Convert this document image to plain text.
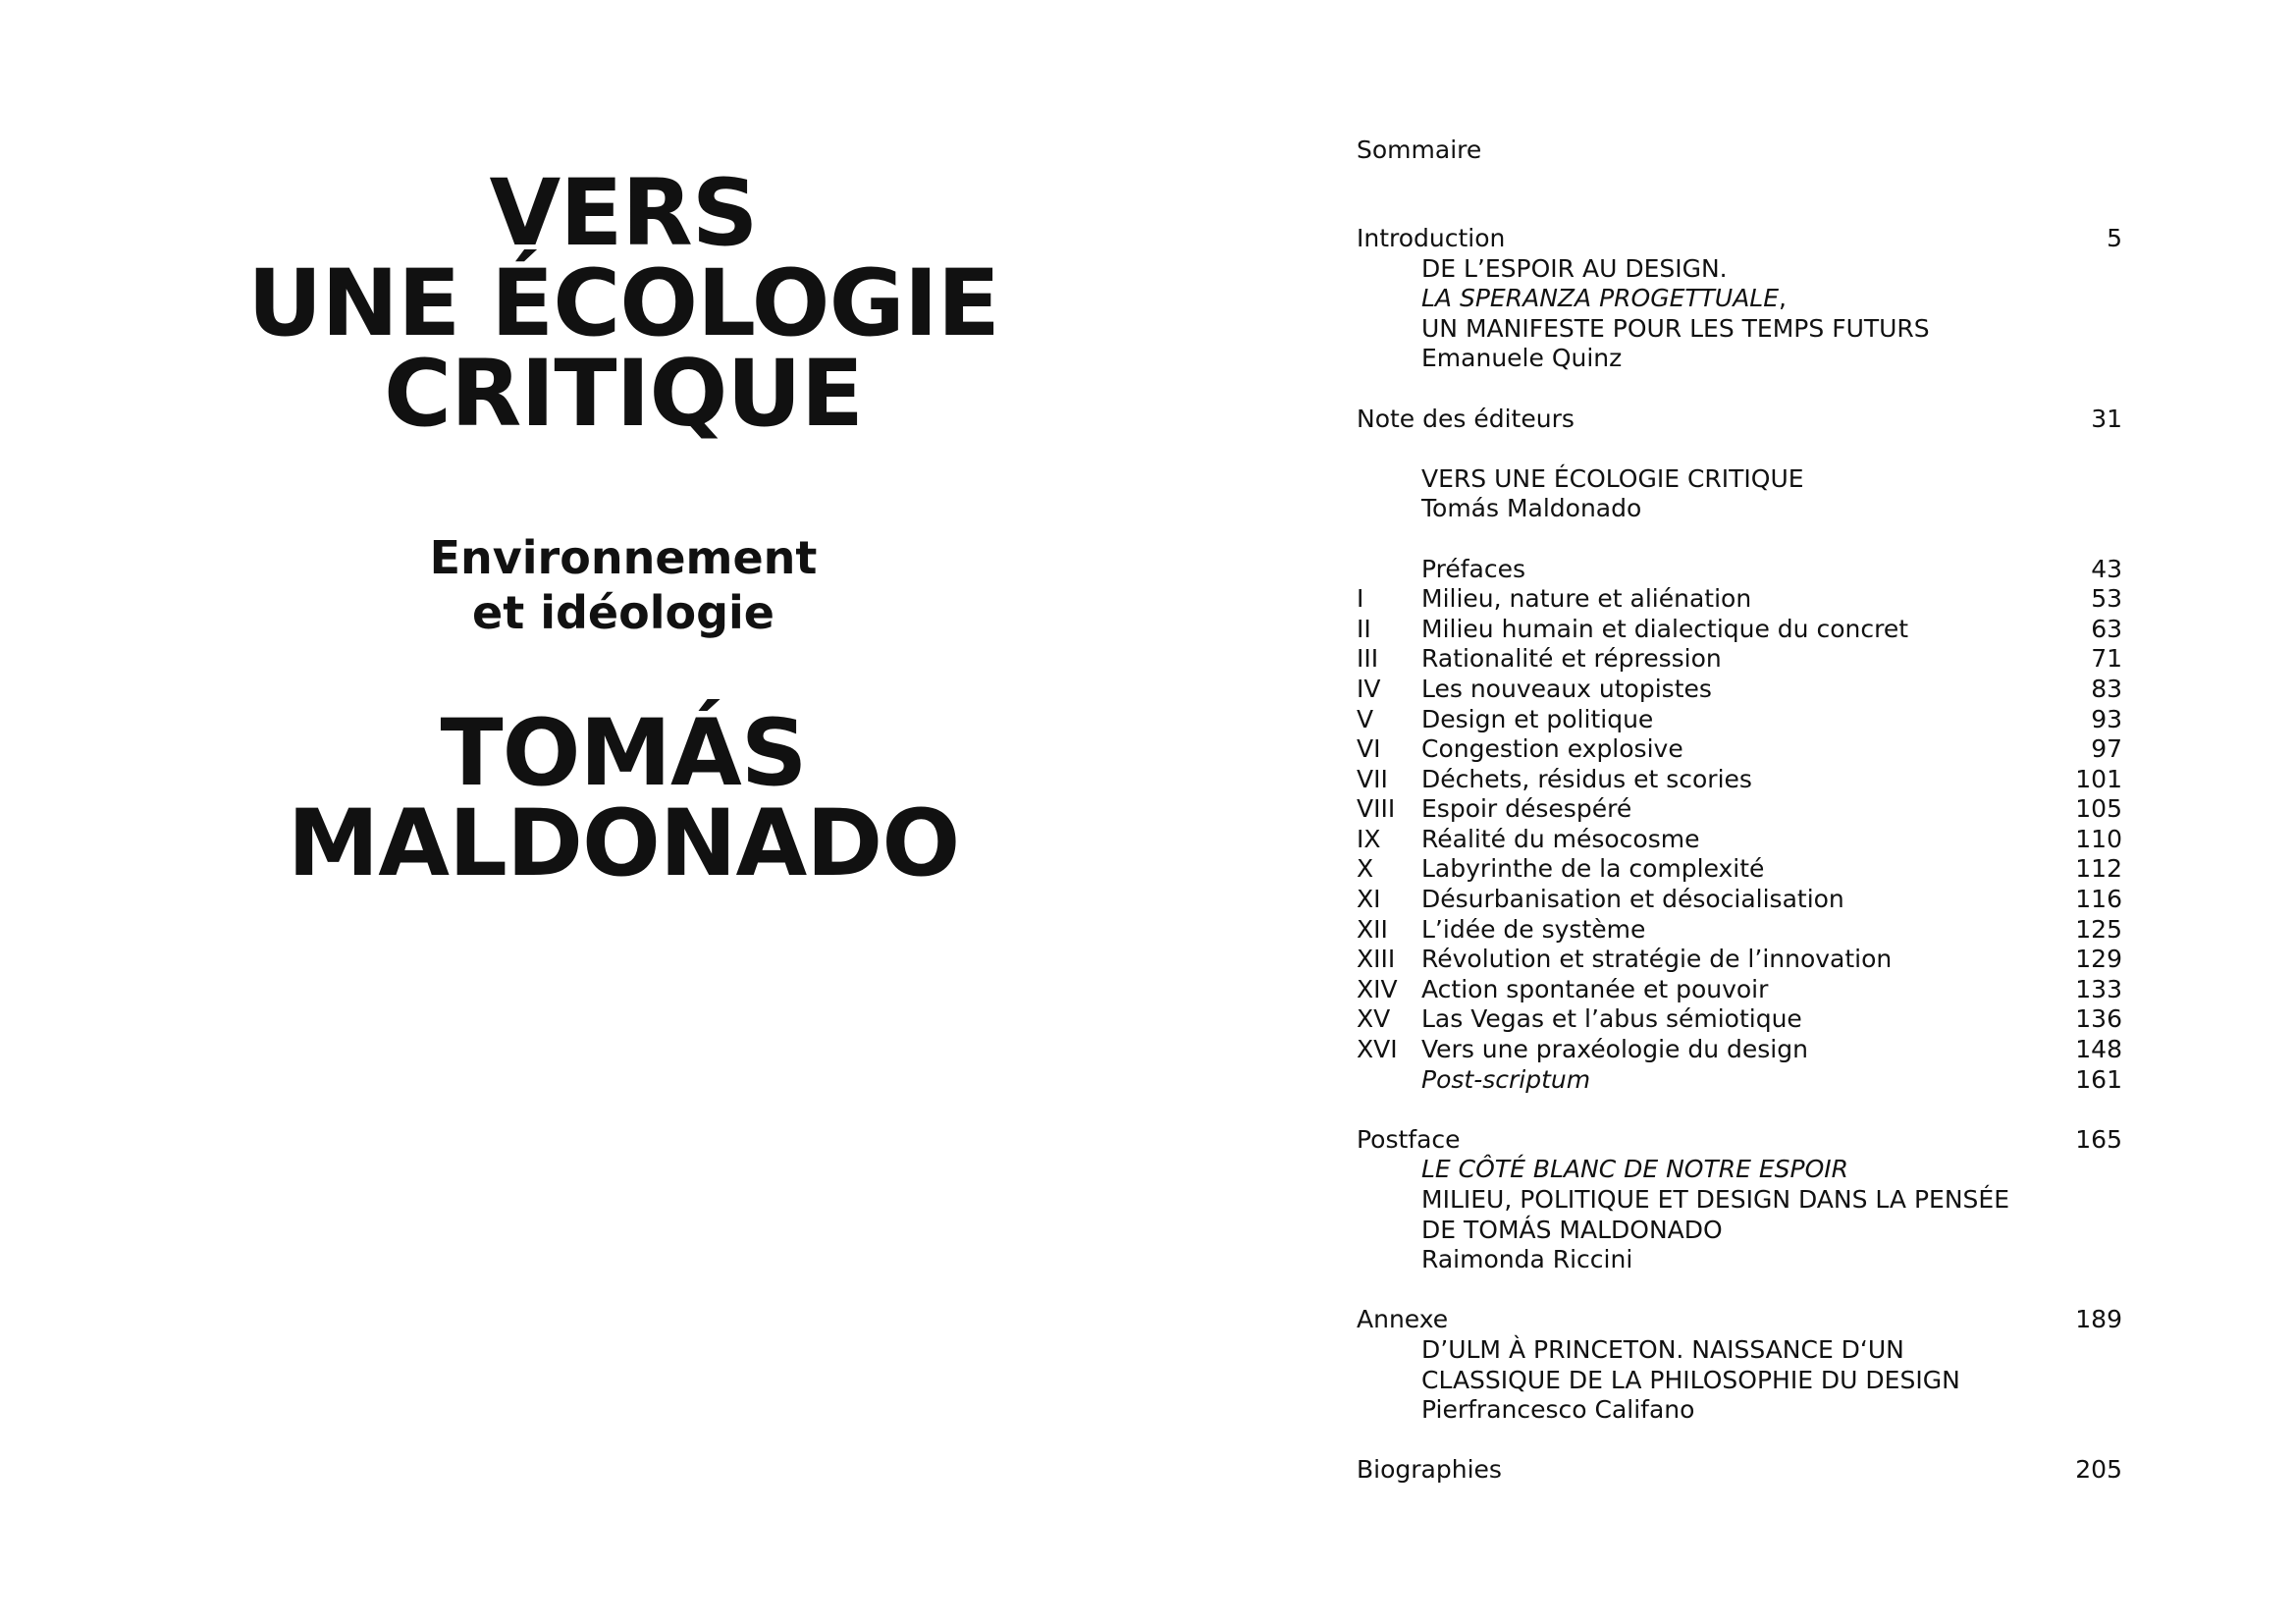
VERS
UNE ÉCOLOGIE
CRITIQUE
Environnement
et idéologie
TOMÁS
MALDONADO
Sommaire
Introduction	5
DE L’ESPOIR AU DESIGN.
LA SPERANZA PROGETTUALE,
UN MANIFESTE POUR LES TEMPS FUTURS
Emanuele Quinz
Note des éditeurs	31
VERS UNE ÉCOLOGIE CRITIQUE
Tomás Maldonado
Préfaces	43
I Milieu, nature et aliénation	53
II Milieu humain et dialectique du concret	63
III Rationalité et répression	71
IV Les nouveaux utopistes	83
V Design et politique	93
VI Congestion explosive	97
VII Déchets, résidus et scories	101
VIII Espoir désespéré	105
IX Réalité du mésocosme	110
X Labyrinthe de la complexité	112
XI Désurbanisation et désocialisation	116
XII L’idée de système	125
XIII Révolution et stratégie de l’innovation	129
XIV Action spontanée et pouvoir	133
XV Las Vegas et l’abus sémiotique	136
XVI Vers une praxéologie du design	148
Post-scriptum	161
Postface	165
LE CÔTÉ BLANC DE NOTRE ESPOIR
MILIEU, POLITIQUE ET DESIGN DANS LA PENSÉE
DE TOMÁS MALDONADO
Raimonda Riccini
Annexe	189
D’ULM À PRINCETON. NAISSANCE D‘UN
CLASSIQUE DE LA PHILOSOPHIE DU DESIGN
Pierfrancesco Califano
Biographies	205
